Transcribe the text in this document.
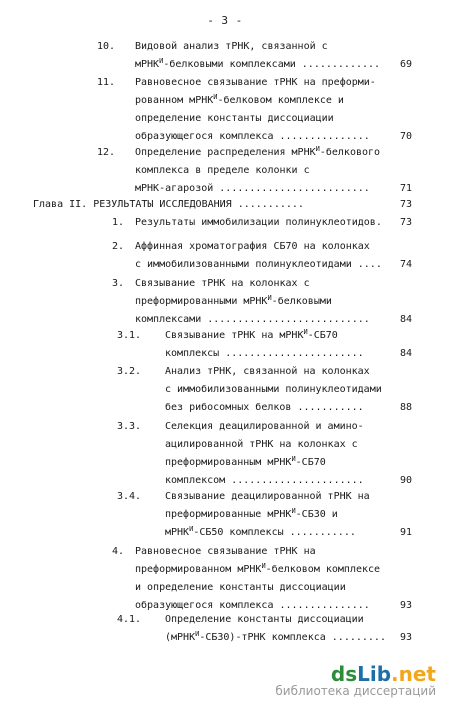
- 3 -
10. Видовой анализ тРНК, связанной с
мРНК$^И$-белковыми комплексами .............	69
11. Равновесное связывание тРНК на преформи-
рованном мРНК$^И$-белковом комплексе и
определение константы диссоциации
образующегося комплекса ...............	70
12. Определение распределения мРНК$^И$-белкового
комплекса в пределе колонки с
мРНК-агарозой .........................	71
Глава II. РЕЗУЛЬТАТЫ ИССЛЕДОВАНИЯ ...........	73
1. Результаты иммобилизации полинуклеотидов.	73
2. Аффинная хроматография СБ70 на колонках
с иммобилизованными полинуклеотидами ....	74
3. Связывание тРНК на колонках с
преформированными мРНК$^И$-белковыми
комплексами ...........................	84
3.1. Связывание тРНК на мРНК$^И$-СБ70
комплексы .......................	84
3.2. Анализ тРНК, связанной на колонках
с иммобилизованными полинуклеотидами
без рибосомных белков ...........	88
3.3. Селекция деацилированной и амино-
ацилированной тРНК на колонках с
преформированным мРНК$^И$-СБ70
комплексом ......................	90
3.4. Связывание деацилированной тРНК на
преформированные мРНК$^И$-СБ30 и
мРНК$^И$-СБ50 комплексы ...........	91
4. Равновесное связывание тРНК на
преформированном мРНК$^И$-белковом комплексе
и определение константы диссоциации
образующегося комплекса ...............	93
4.1. Определение константы диссоциации
(мРНК$^И$-СБ30)-тРНК комплекса .........	93
dsLib.net
библиотека диссертаций
